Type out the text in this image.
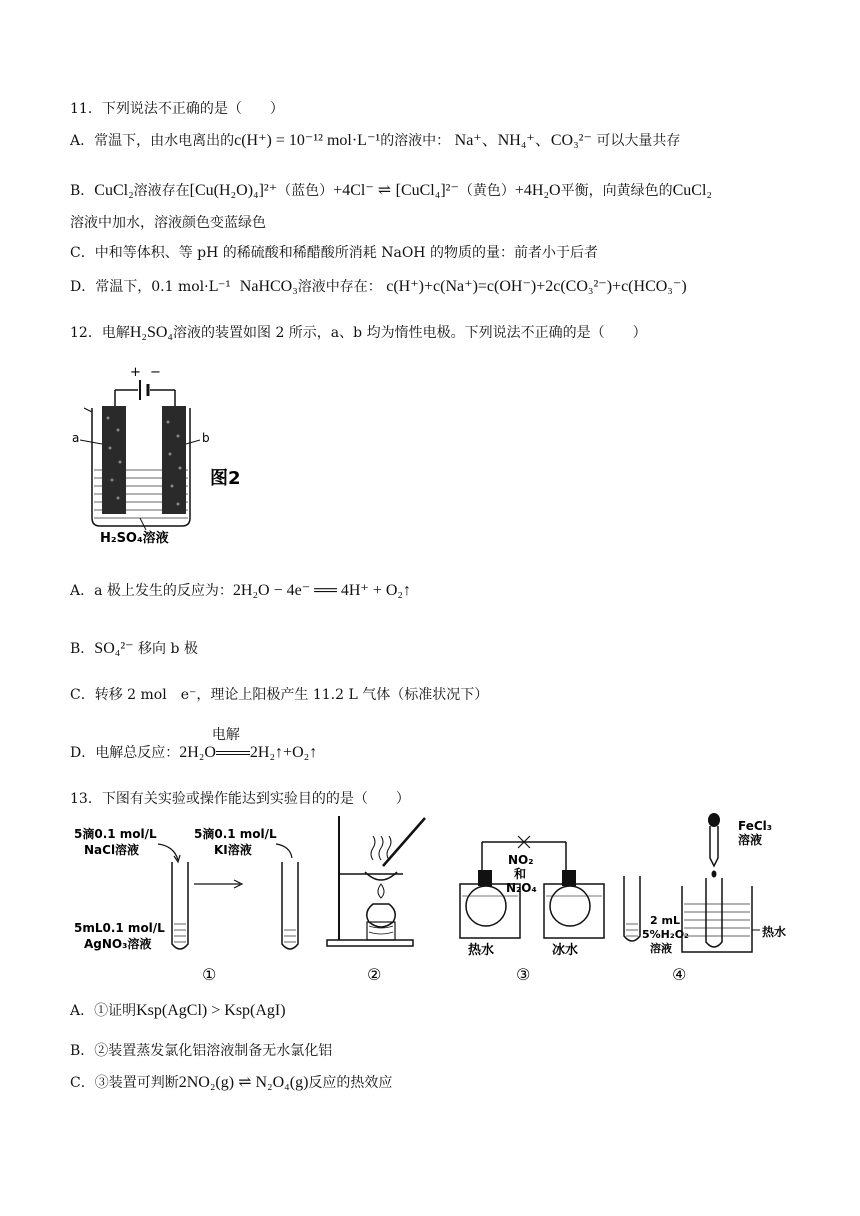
11．下列说法不正确的是（　　）
A．常温下，由水电离出的c(H⁺) = 10⁻¹² mol·L⁻¹的溶液中： Na⁺、NH₄⁺、CO₃²⁻ 可以大量共存
B．CuCl₂溶液存在[Cu(H₂O)₄]²⁺（蓝色）+4Cl⁻ ⇌ [CuCl₄]²⁻（黄色）+4H₂O平衡，向黄绿色的CuCl₂
溶液中加水，溶液颜色变蓝绿色
C．中和等体积、等 pH 的稀硫酸和稀醋酸所消耗 NaOH 的物质的量：前者小于后者
D．常温下，0.1 mol·L⁻¹ NaHCO₃溶液中存在： c(H⁺)+c(Na⁺)=c(OH⁻)+2c(CO₃²⁻)+c(HCO₃⁻)
12．电解H₂SO₄溶液的装置如图 2 所示，a、b 均为惰性电极。下列说法不正确的是（　　）
+ −
a	b
图2
H₂SO₄溶液
A．a 极上发生的反应为：2H₂O − 4e⁻ ══ 4H⁺ + O₂↑
B．SO₄²⁻ 移向 b 极
C．转移 2 mol　e⁻，理论上阳极产生 11.2 L 气体（标准状况下）
D．电解总反应：2H₂O
电解
2H₂↑+O₂↑
13．下图有关实验或操作能达到实验目的的是（　　）
5滴0.1 mol/L
NaCl溶液
5mL0.1 mol/L
AgNO₃溶液
5滴0.1 mol/L
KI溶液
①	②
NO₂
和
N₂O₄
热水	冰水
③
2 mL
5%H₂O₂
溶液
FeCl₃
溶液
热水
④
A．①证明Ksp(AgCl) > Ksp(AgI)
B．②装置蒸发氯化铝溶液制备无水氯化铝
C．③装置可判断2NO₂(g) ⇌ N₂O₄(g)反应的热效应
